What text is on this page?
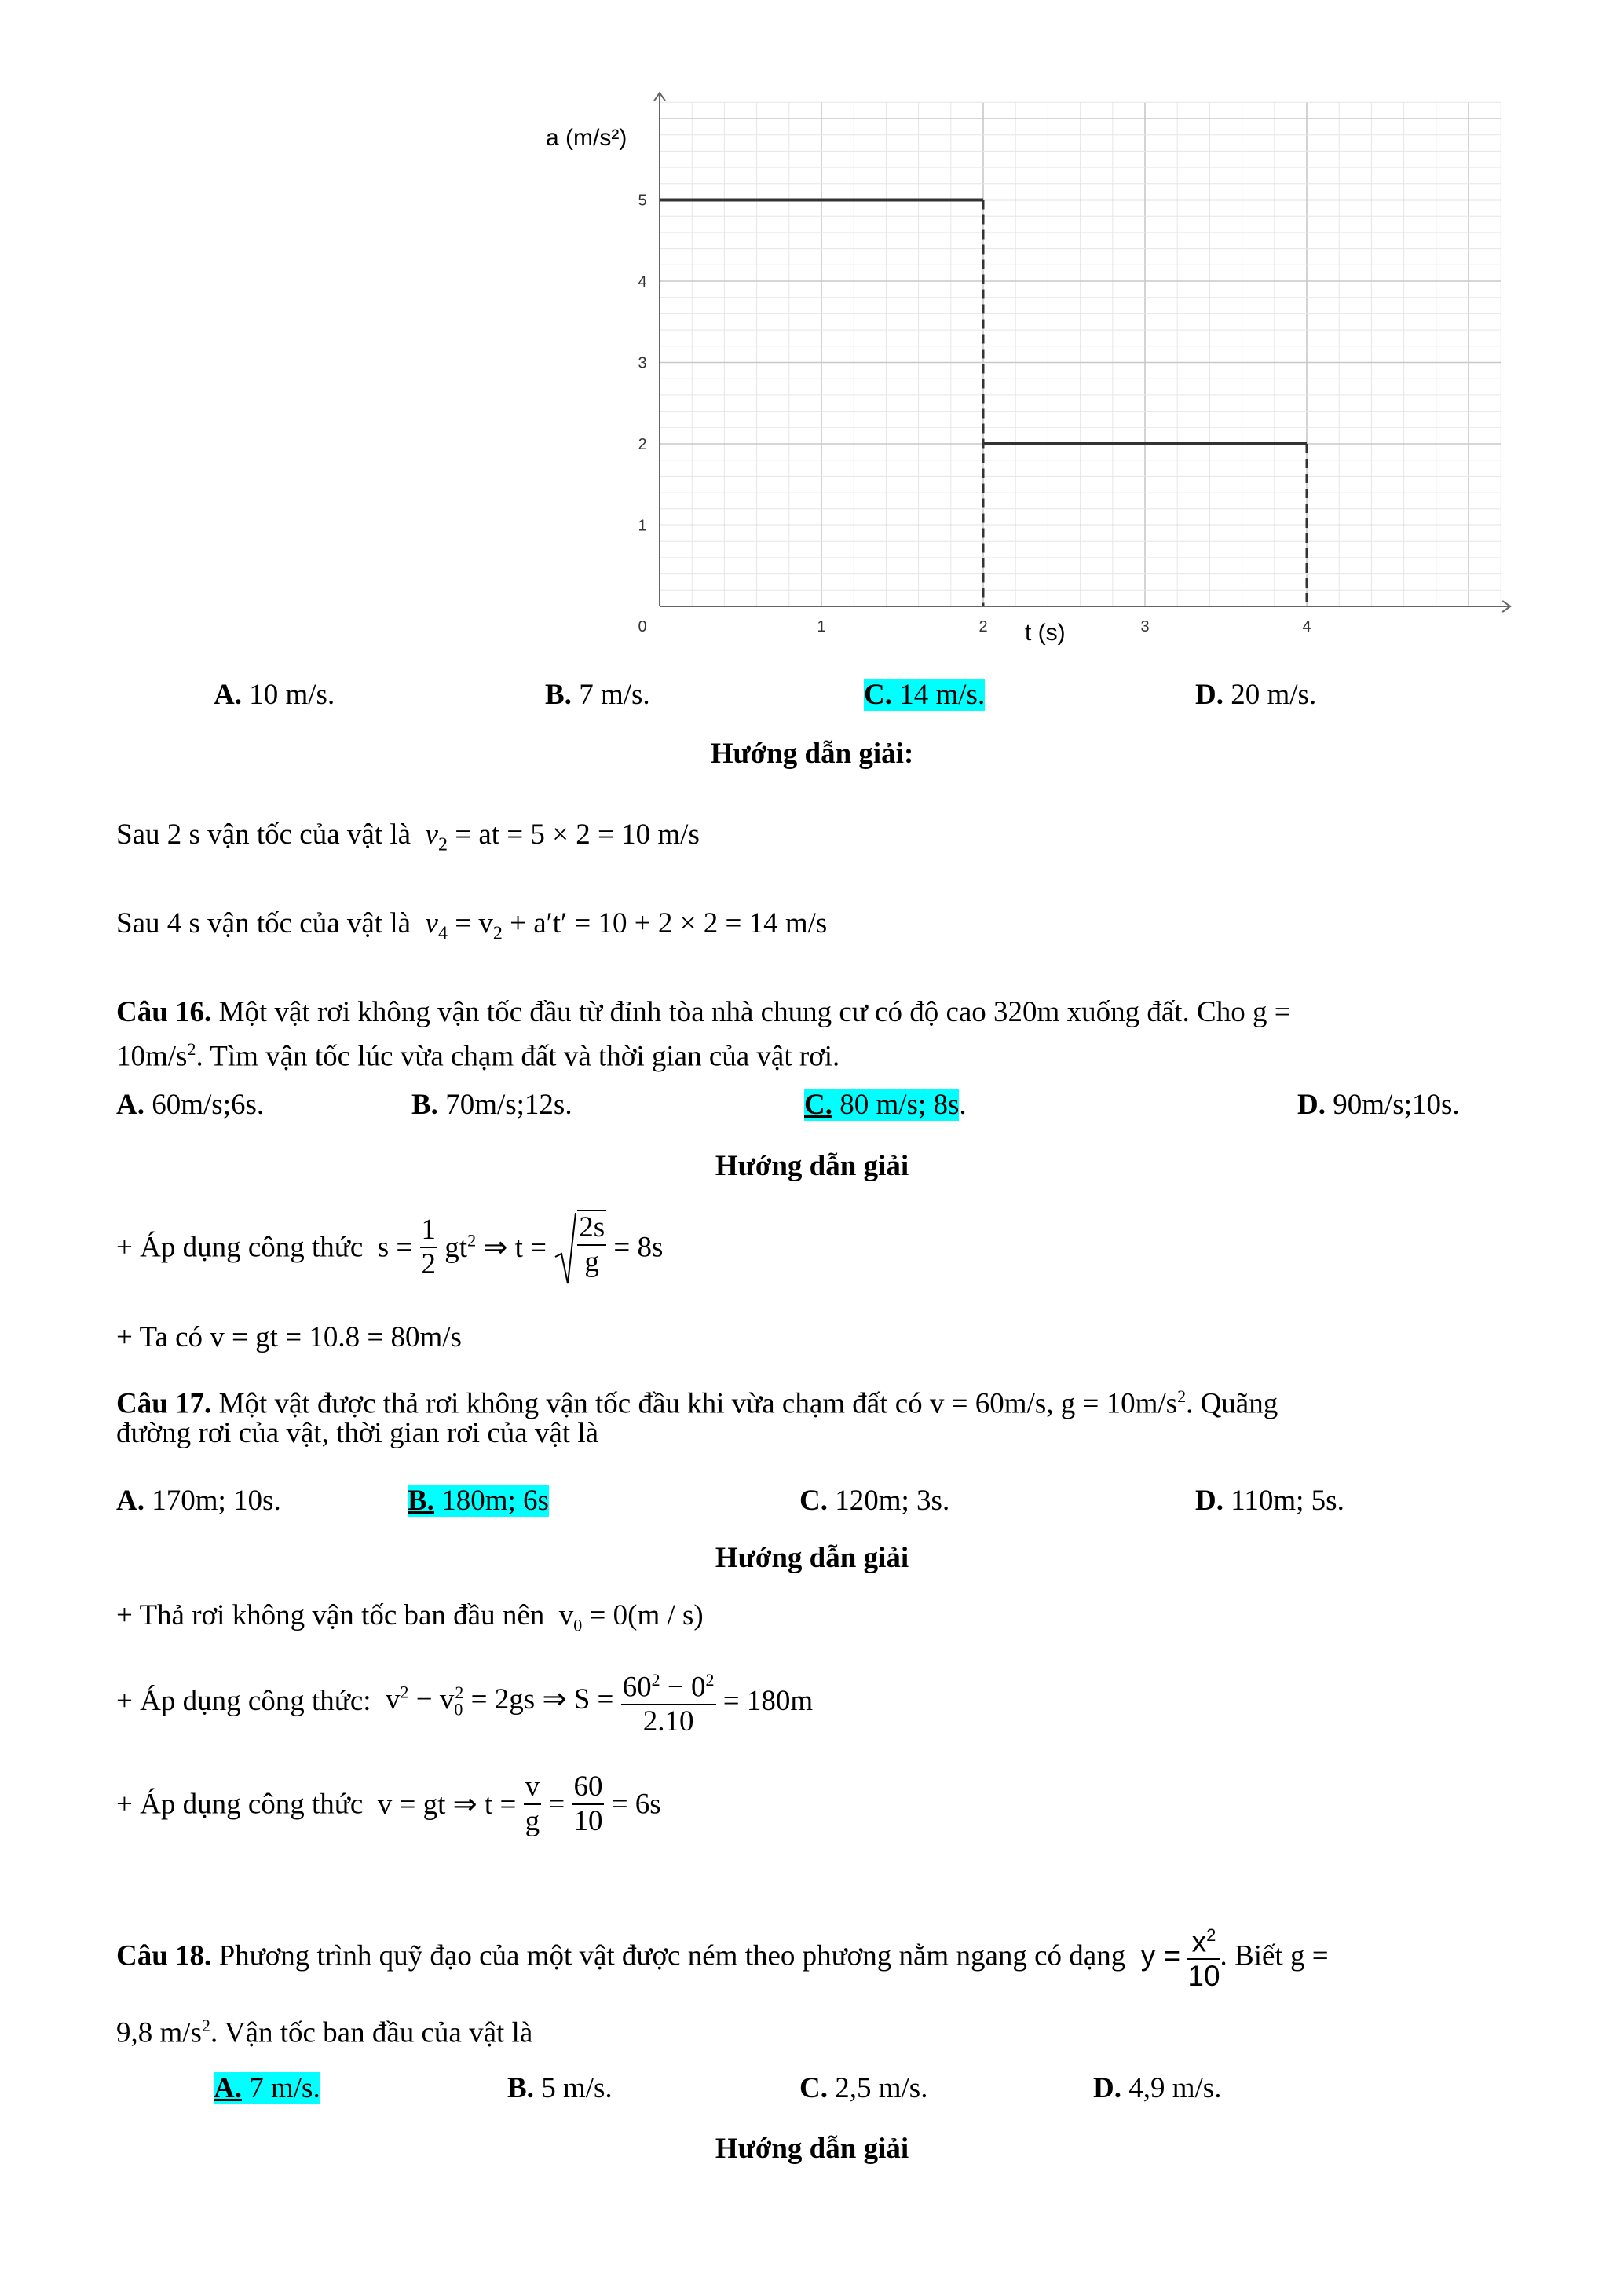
0	1	2	3	4
1
2
3
4
5
a (m/s²)
t (s)
A. 10 m/s.	B. 7 m/s.	C. 14 m/s.	D. 20 m/s.
Hướng dẫn giải:
Sau 2 s vận tốc của vật là  $v_2$ = at = 5 × 2 = 10 m/s
Sau 4 s vận tốc của vật là  $v_4 = v_2 + a't' = 10 + 2 \times 2 = 14$ m/s
Câu 16. Một vật rơi không vận tốc đầu từ đỉnh tòa nhà chung cư có độ cao 320m xuống đất. Cho g =
$10m/s^2$. Tìm vận tốc lúc vừa chạm đất và thời gian của vật rơi.
A. 60m/s;6s.	B. 70m/s;12s.	C. 80 m/s; 8s.	D. 90m/s;10s.
Hướng dẫn giải
+ Áp dụng công thức  $s = \frac{1}{2} gt^2$ ⇒ $t = \frac{2s}{g} = 8s$
+ Ta có v = gt = 10.8 = 80m/s
Câu 17. Một vật được thả rơi không vận tốc đầu khi vừa chạm đất có v = 60m/s, $g = 10m/s^2$. Quãng
đường rơi của vật, thời gian rơi của vật là
A. 170m; 10s.	B. 180m; 6s	C. 120m; 3s.	D. 110m; 5s.
Hướng dẫn giải
+ Thả rơi không vận tốc ban đầu nên  $v_0 = 0(m / s)$
+ Áp dụng công thức:  $v^2 - v_0^2 = 2gs$ ⇒ $S = \frac{60^2 - 0^2}{2.10} = 180m$
+ Áp dụng công thức  v = gt ⇒ $t = \frac{v}{g} = \frac{60}{10} = 6s$
Câu 18. Phương trình quỹ đạo của một vật được ném theo phương nằm ngang có dạng  $y = \frac{x^2}{10}$ . Biết g =
9,8 $m/s^2$. Vận tốc ban đầu của vật là
A. 7 m/s.	B. 5 m/s.	C. 2,5 m/s.	D. 4,9 m/s.
Hướng dẫn giải
